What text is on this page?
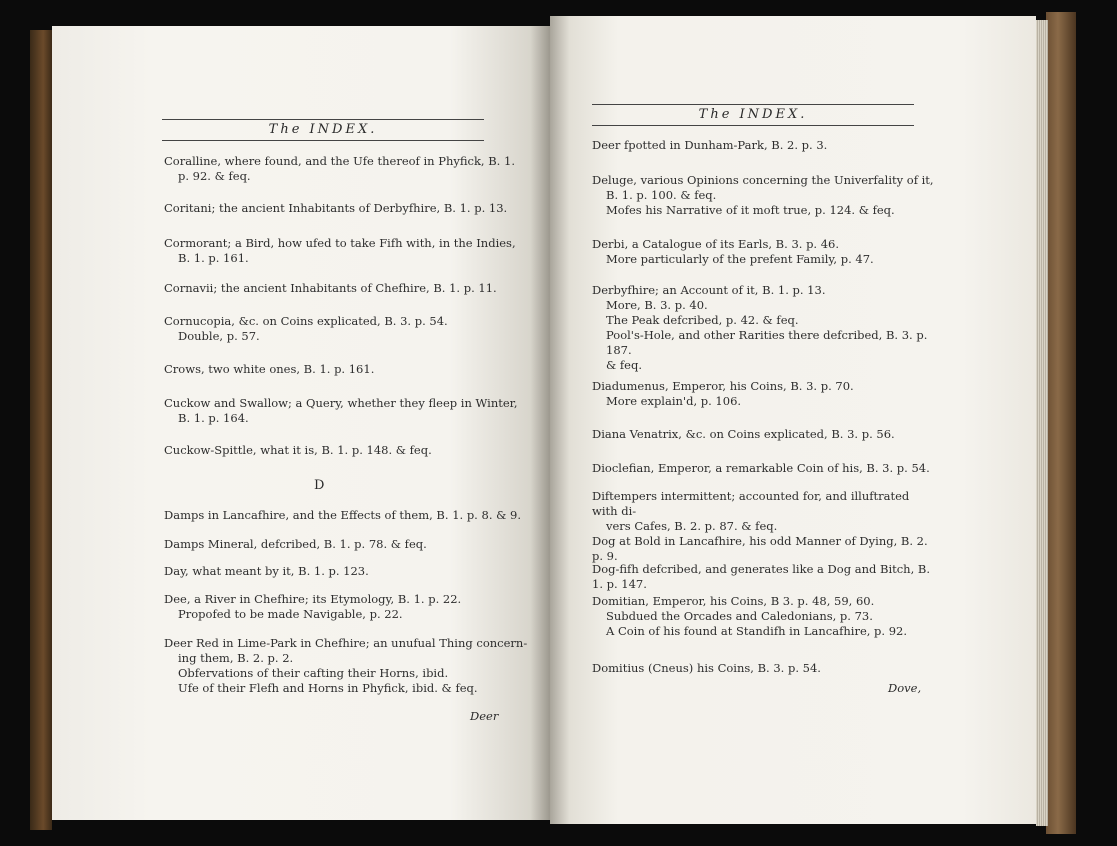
The INDEX.
Coralline, where found, and the Ufe thereof in Phyfick, B. 1.
p. 92. & feq.
Coritani; the ancient Inhabitants of Derbyfhire, B. 1. p. 13.
Cormorant; a Bird, how ufed to take Fifh with, in the Indies,
B. 1. p. 161.
Cornavii; the ancient Inhabitants of Chefhire, B. 1. p. 11.
Cornucopia, &c. on Coins explicated, B. 3. p. 54.
Double, p. 57.
Crows, two white ones, B. 1. p. 161.
Cuckow and Swallow; a Query, whether they fleep in Winter,
B. 1. p. 164.
Cuckow-Spittle, what it is, B. 1. p. 148. & feq.
D
Damps in Lancafhire, and the Effects of them, B. 1. p. 8. & 9.
Damps Mineral, defcribed, B. 1. p. 78. & feq.
Day, what meant by it, B. 1. p. 123.
Dee, a River in Chefhire; its Etymology, B. 1. p. 22.
Propofed to be made Navigable, p. 22.
Deer Red in Lime-Park in Chefhire; an unufual Thing concern-
ing them, B. 2. p. 2.
Obfervations of their cafting their Horns, ibid.
Ufe of their Flefh and Horns in Phyfick, ibid. & feq.
Deer
The INDEX.
Deer fpotted in Dunham-Park, B. 2. p. 3.
Deluge, various Opinions concerning the Univerfality of it,
B. 1. p. 100. & feq.
Mofes his Narrative of it moft true, p. 124. & feq.
Derbi, a Catalogue of its Earls, B. 3. p. 46.
More particularly of the prefent Family, p. 47.
Derbyfhire; an Account of it, B. 1. p. 13.
More, B. 3. p. 40.
The Peak defcribed, p. 42. & feq.
Pool's-Hole, and other Rarities there defcribed, B. 3. p. 187.
& feq.
Diadumenus, Emperor, his Coins, B. 3. p. 70.
More explain'd, p. 106.
Diana Venatrix, &c. on Coins explicated, B. 3. p. 56.
Dioclefian, Emperor, a remarkable Coin of his, B. 3. p. 54.
Diftempers intermittent; accounted for, and illuftrated with di-
vers Cafes, B. 2. p. 87. & feq.
Dog at Bold in Lancafhire, his odd Manner of Dying, B. 2. p. 9.
Dog-fifh defcribed, and generates like a Dog and Bitch, B. 1. p. 147.
Domitian, Emperor, his Coins, B 3. p. 48, 59, 60.
Subdued the Orcades and Caledonians, p. 73.
A Coin of his found at Standifh in Lancafhire, p. 92.
Domitius (Cneus) his Coins, B. 3. p. 54.
Dove,
